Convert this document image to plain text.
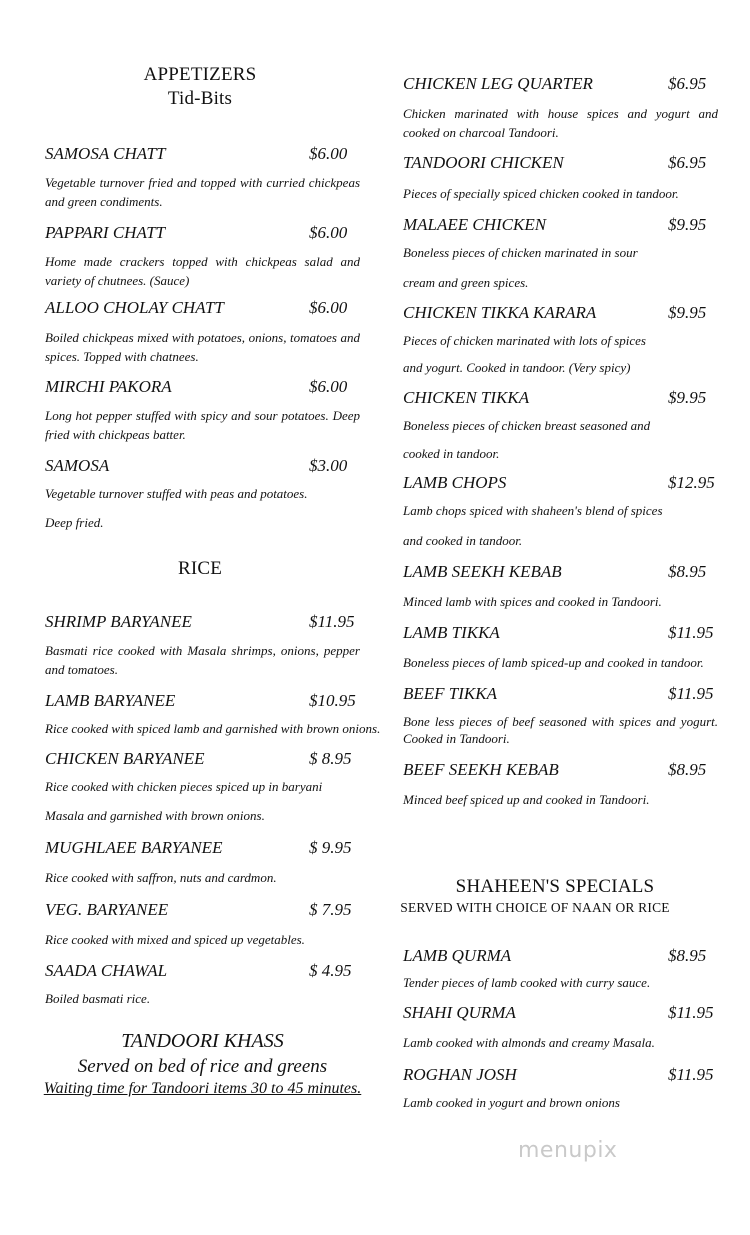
APPETIZERS
Tid-Bits
SAMOSA CHATT	$6.00
Vegetable turnover fried and topped with curried chickpeas and green condiments.
PAPPARI CHATT	$6.00
Home made crackers topped with chickpeas salad and variety of chutnees. (Sauce)
ALLOO CHOLAY CHATT	$6.00
Boiled chickpeas mixed with potatoes, onions, tomatoes and spices. Topped with chatnees.
MIRCHI PAKORA	$6.00
Long hot pepper stuffed with spicy and sour potatoes. Deep fried with chickpeas batter.
SAMOSA	$3.00
Vegetable turnover stuffed with peas and potatoes.
Deep fried.
RICE
SHRIMP BARYANEE	$11.95
Basmati rice cooked with Masala shrimps, onions, pepper and tomatoes.
LAMB BARYANEE	$10.95
Rice cooked with spiced lamb and garnished with brown onions.
CHICKEN BARYANEE	$ 8.95
Rice cooked with chicken pieces spiced up in baryani
Masala and garnished with brown onions.
MUGHLAEE BARYANEE	$ 9.95
Rice cooked with saffron, nuts and cardmon.
VEG. BARYANEE	$ 7.95
Rice cooked with mixed and spiced up vegetables.
SAADA CHAWAL	$ 4.95
Boiled basmati rice.
TANDOORI KHASS
Served on bed of rice and greens
Waiting time for Tandoori items 30 to 45 minutes.
CHICKEN LEG QUARTER	$6.95
Chicken marinated with house spices and yogurt and cooked on charcoal Tandoori.
TANDOORI CHICKEN	$6.95
Pieces of specially spiced chicken cooked in tandoor.
MALAEE CHICKEN	$9.95
Boneless pieces of chicken marinated in sour
cream and green spices.
CHICKEN TIKKA KARARA	$9.95
Pieces of chicken marinated with lots of spices
and yogurt. Cooked in tandoor. (Very spicy)
CHICKEN TIKKA	$9.95
Boneless pieces of chicken breast seasoned and
cooked in tandoor.
LAMB CHOPS	$12.95
Lamb chops spiced with shaheen's blend of spices
and cooked in tandoor.
LAMB SEEKH KEBAB	$8.95
Minced lamb with spices and cooked in Tandoori.
LAMB TIKKA	$11.95
Boneless pieces of lamb spiced-up and cooked in tandoor.
BEEF TIKKA	$11.95
Bone less pieces of beef seasoned with spices and yogurt. Cooked in Tandoori.
BEEF SEEKH KEBAB	$8.95
Minced beef spiced up and cooked in Tandoori.
SHAHEEN'S SPECIALS
SERVED WITH CHOICE OF NAAN OR RICE
LAMB QURMA	$8.95
Tender pieces of lamb cooked with curry sauce.
SHAHI QURMA	$11.95
Lamb cooked with almonds and creamy Masala.
ROGHAN JOSH	$11.95
Lamb cooked in yogurt and brown onions
menupix
